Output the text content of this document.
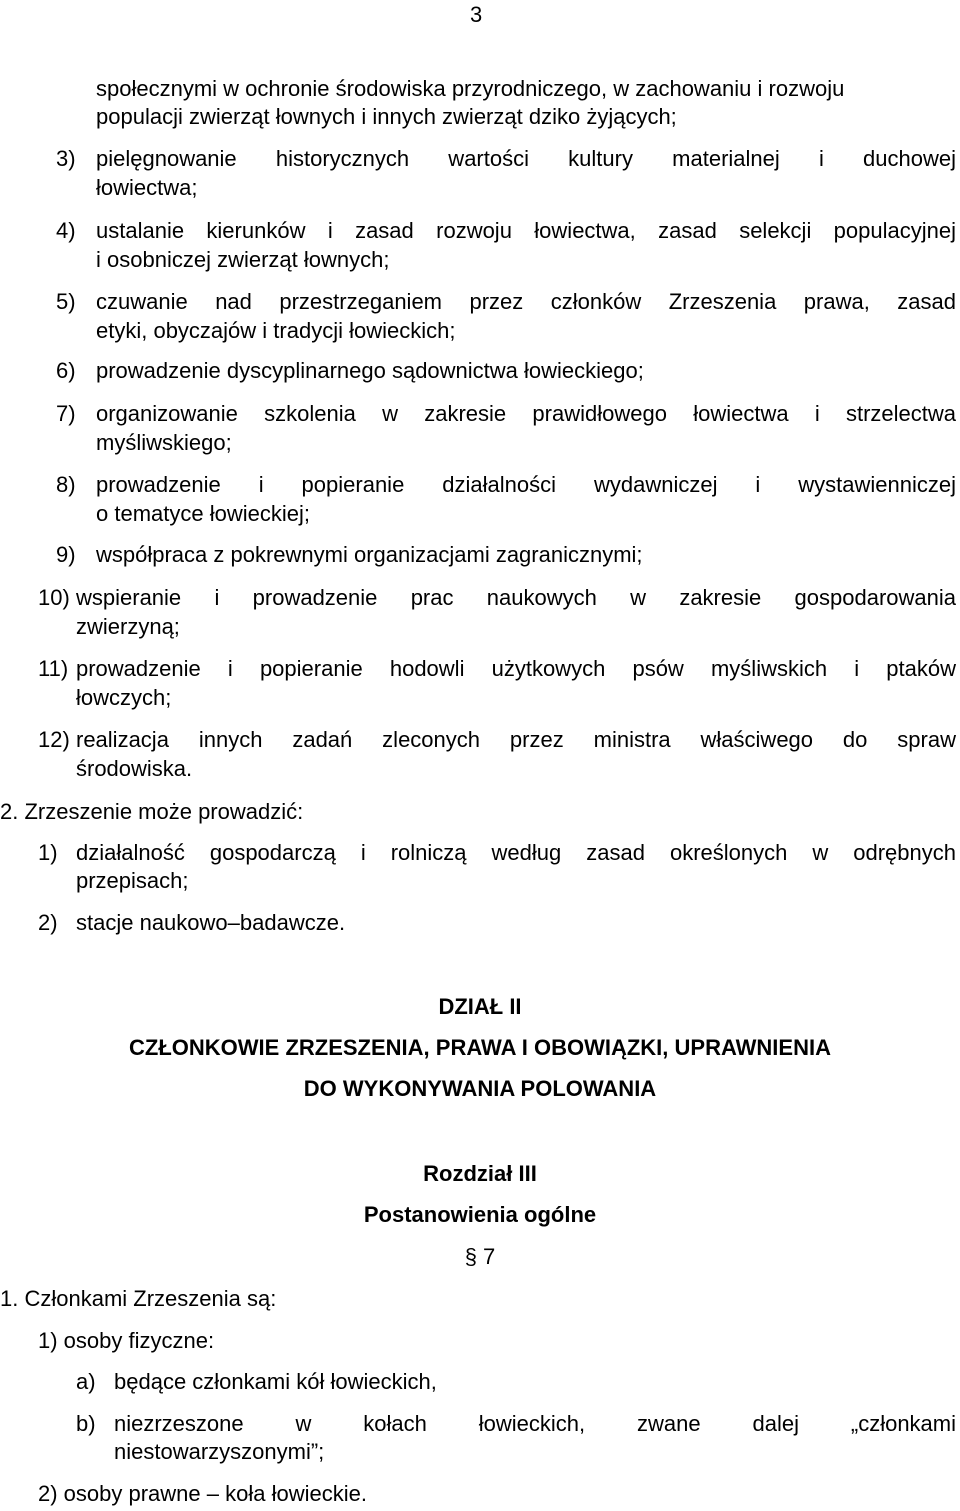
3
społecznymi w ochronie środowiska przyrodniczego, w zachowaniu i rozwoju
populacji zwierząt łownych i innych zwierząt dziko żyjących;
3) pielęgnowanie historycznych wartości kultury materialnej i duchowej
łowiectwa;
4) ustalanie kierunków i zasad rozwoju łowiectwa, zasad selekcji populacyjnej
i osobniczej zwierząt łownych;
5) czuwanie nad przestrzeganiem przez członków Zrzeszenia prawa, zasad
etyki, obyczajów i tradycji łowieckich;
6) prowadzenie dyscyplinarnego sądownictwa łowieckiego;
7) organizowanie szkolenia w zakresie prawidłowego łowiectwa i strzelectwa
myśliwskiego;
8) prowadzenie i popieranie działalności wydawniczej i wystawienniczej
o tematyce łowieckiej;
9) współpraca z pokrewnymi organizacjami zagranicznymi;
10) wspieranie i prowadzenie prac naukowych w zakresie gospodarowania
zwierzyną;
11) prowadzenie i popieranie hodowli użytkowych psów myśliwskich i ptaków
łowczych;
12) realizacja innych zadań zleconych przez ministra właściwego do spraw
środowiska.
2. Zrzeszenie może prowadzić:
1) działalność gospodarczą i rolniczą według zasad określonych w odrębnych
przepisach;
2) stacje naukowo–badawcze.
DZIAŁ II
CZŁONKOWIE ZRZESZENIA, PRAWA I OBOWIĄZKI, UPRAWNIENIA
DO WYKONYWANIA POLOWANIA
Rozdział III
Postanowienia ogólne
§ 7
1. Członkami Zrzeszenia są:
1) osoby fizyczne:
a) będące członkami kół łowieckich,
b) niezrzeszone w kołach łowieckich, zwane dalej „członkami
niestowarzyszonymi”;
2) osoby prawne – koła łowieckie.
